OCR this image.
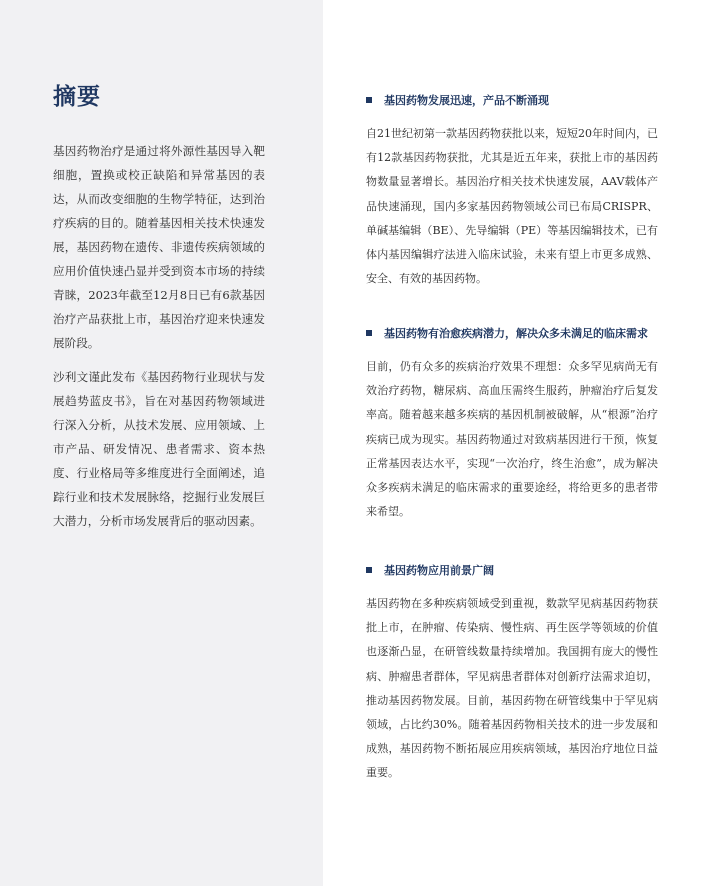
摘要

基因药物治疗是通过将外源性基因导入靶细胞，置换或校正缺陷和异常基因的表达，从而改变细胞的生物学特征，达到治疗疾病的目的。随着基因相关技术快速发展，基因药物在遗传、非遗传疾病领域的应用价值快速凸显并受到资本市场的持续青睐，2023年截至12月8日已有6款基因治疗产品获批上市，基因治疗迎来快速发展阶段。

沙利文谨此发布《基因药物行业现状与发展趋势蓝皮书》，旨在对基因药物领域进行深入分析，从技术发展、应用领域、上市产品、研发情况、患者需求、资本热度、行业格局等多维度进行全面阐述，追踪行业和技术发展脉络，挖掘行业发展巨大潜力，分析市场发展背后的驱动因素。

基因药物发展迅速，产品不断涌现

自21世纪初第一款基因药物获批以来，短短20年时间内，已有12款基因药物获批，尤其是近五年来，获批上市的基因药物数量显著增长。基因治疗相关技术快速发展，AAV载体产品快速涌现，国内多家基因药物领域公司已布局CRISPR、单碱基编辑（BE）、先导编辑（PE）等基因编辑技术，已有体内基因编辑疗法进入临床试验，未来有望上市更多成熟、安全、有效的基因药物。

基因药物有治愈疾病潜力，解决众多未满足的临床需求

目前，仍有众多的疾病治疗效果不理想：众多罕见病尚无有效治疗药物，糖尿病、高血压需终生服药，肿瘤治疗后复发率高。随着越来越多疾病的基因机制被破解，从“根源”治疗疾病已成为现实。基因药物通过对致病基因进行干预，恢复正常基因表达水平，实现“一次治疗，终生治愈”，成为解决众多疾病未满足的临床需求的重要途经，将给更多的患者带来希望。

基因药物应用前景广阔

基因药物在多种疾病领域受到重视，数款罕见病基因药物获批上市，在肿瘤、传染病、慢性病、再生医学等领域的价值也逐渐凸显，在研管线数量持续增加。我国拥有庞大的慢性病、肿瘤患者群体，罕见病患者群体对创新疗法需求迫切，推动基因药物发展。目前，基因药物在研管线集中于罕见病领域，占比约30%。随着基因药物相关技术的进一步发展和成熟，基因药物不断拓展应用疾病领域，基因治疗地位日益重要。
